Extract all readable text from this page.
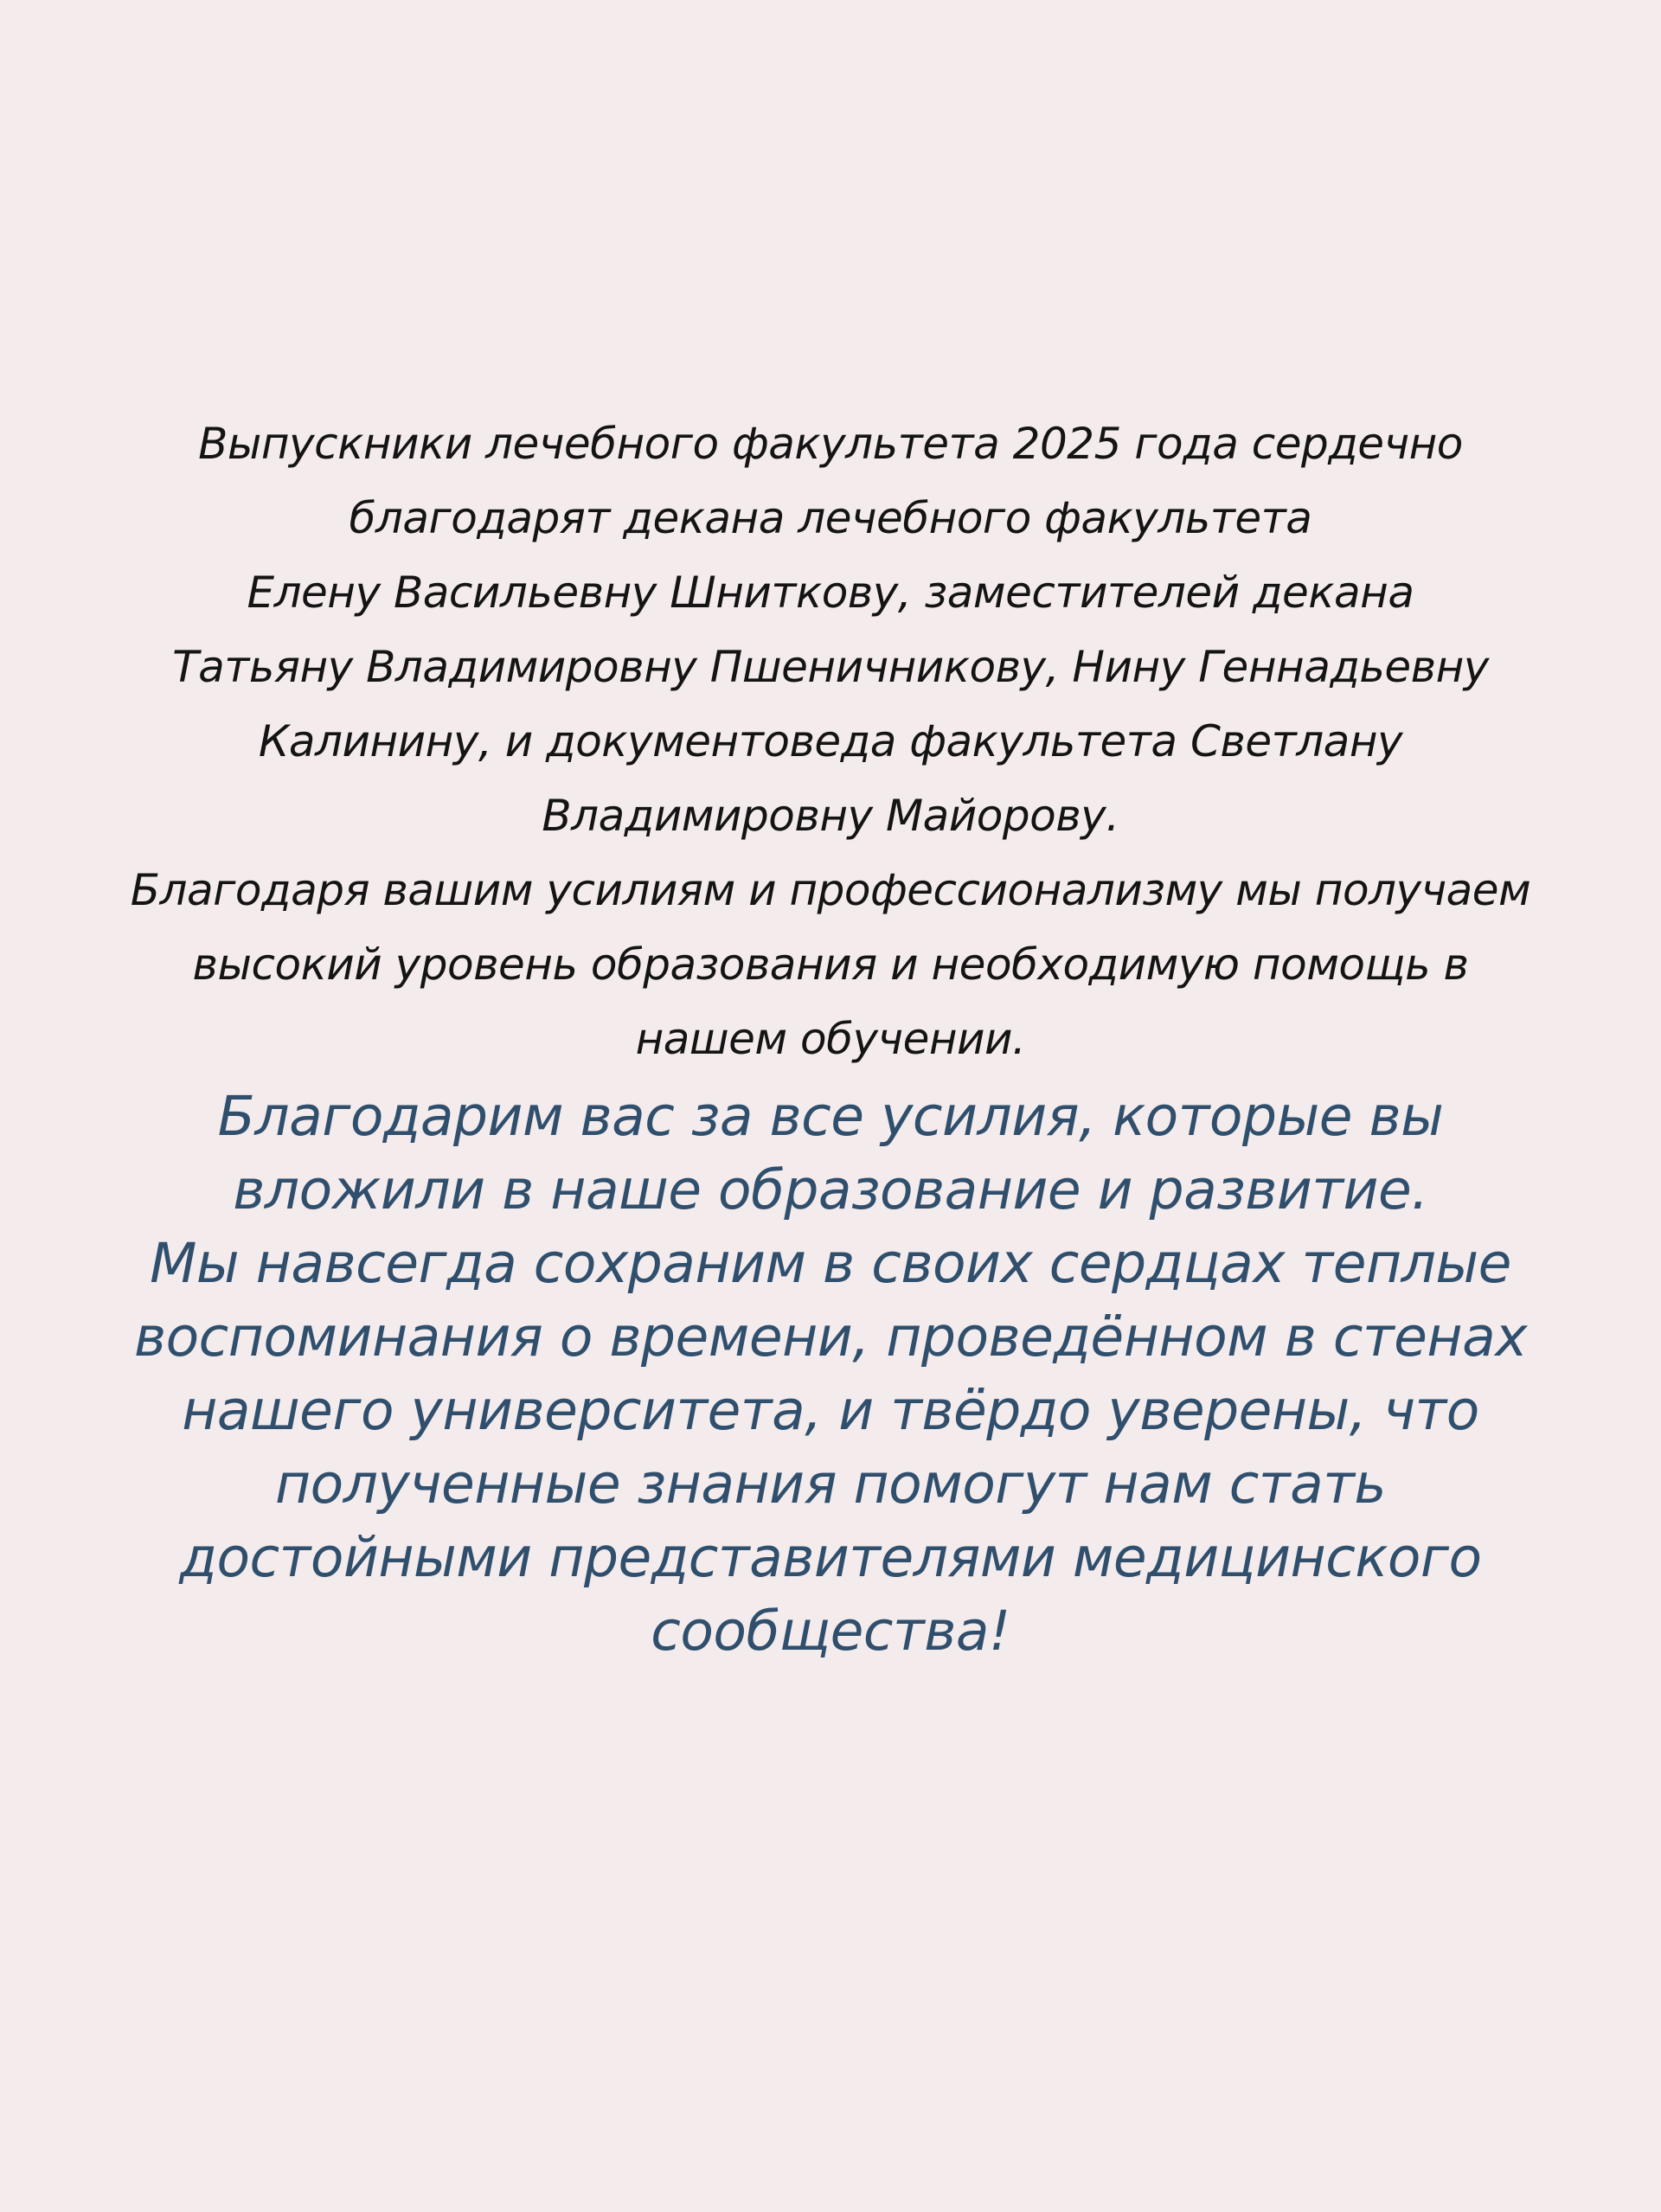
Выпускники лечебного факультета 2025 года сердечно
благодарят декана лечебного факультета
Елену Васильевну Шниткову, заместителей декана
Татьяну Владимировну Пшеничникову, Нину Геннадьевну
Калинину, и документоведа факультета Светлану
Владимировну Майорову.
Благодаря вашим усилиям и профессионализму мы получаем
высокий уровень образования и необходимую помощь в
нашем обучении.
Благодарим вас за все усилия, которые вы
вложили в наше образование и развитие.
Мы навсегда сохраним в своих сердцах теплые
воспоминания о времени, проведённом в стенах
нашего университета, и твёрдо уверены, что
полученные знания помогут нам стать
достойными представителями медицинского
сообщества!
